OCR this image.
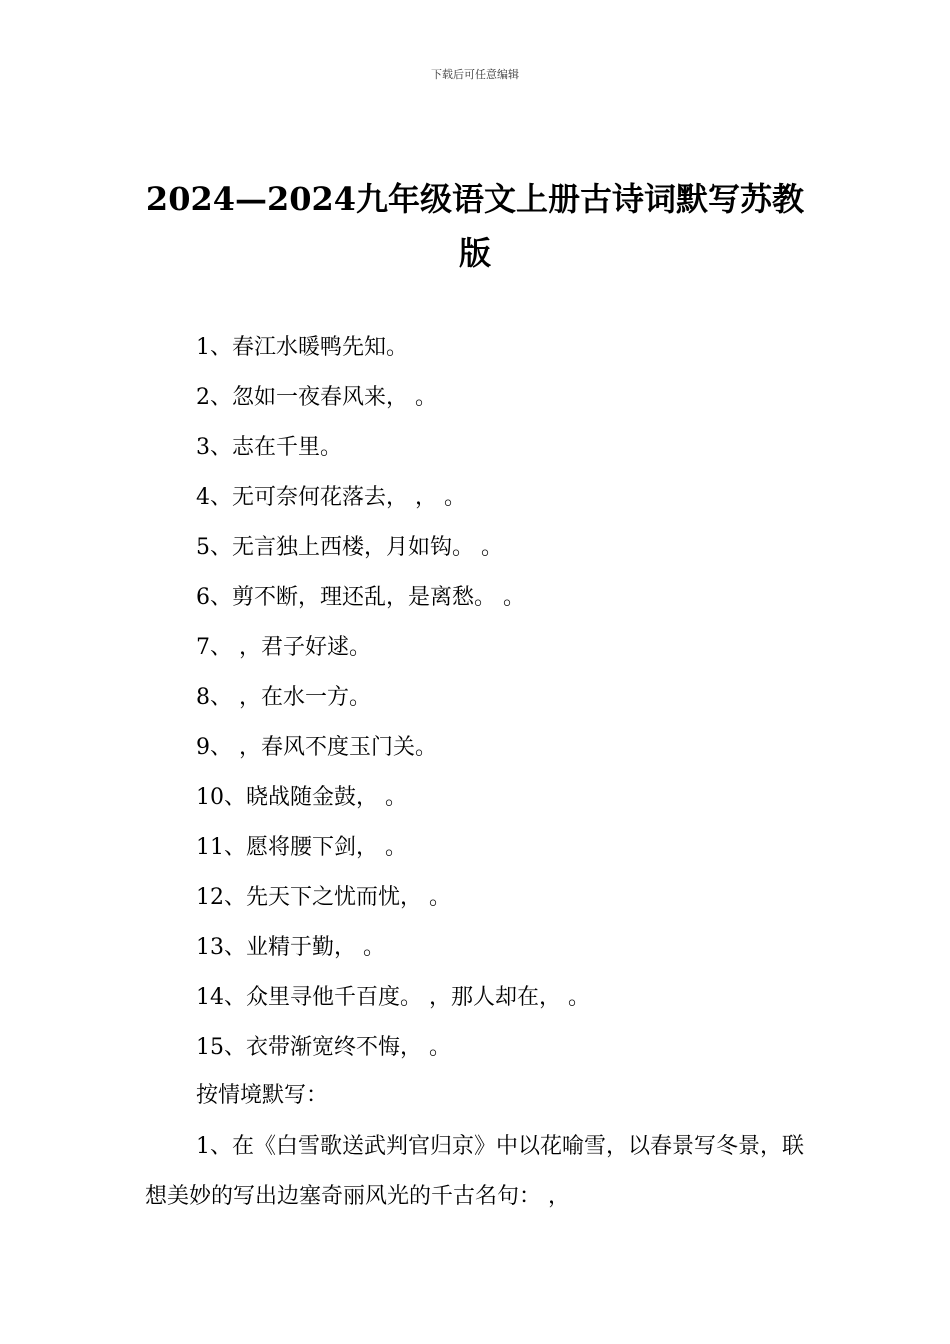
下载后可任意编辑
2024—2024九年级语文上册古诗词默写苏教版
1、春江水暖鸭先知。
2、忽如一夜春风来， 。
3、志在千里。
4、无可奈何花落去， ， 。
5、无言独上西楼，月如钩。 。
6、剪不断，理还乱，是离愁。 。
7、 ，君子好逑。
8、 ，在水一方。
9、 ，春风不度玉门关。
10、晓战随金鼓， 。
11、愿将腰下剑， 。
12、先天下之忧而忧， 。
13、业精于勤， 。
14、众里寻他千百度。 ，那人却在， 。
15、衣带渐宽终不悔， 。

按情境默写：

1、在《白雪歌送武判官归京》中以花喻雪，以春景写冬景，联想美妙的写出边塞奇丽风光的千古名句： ，
